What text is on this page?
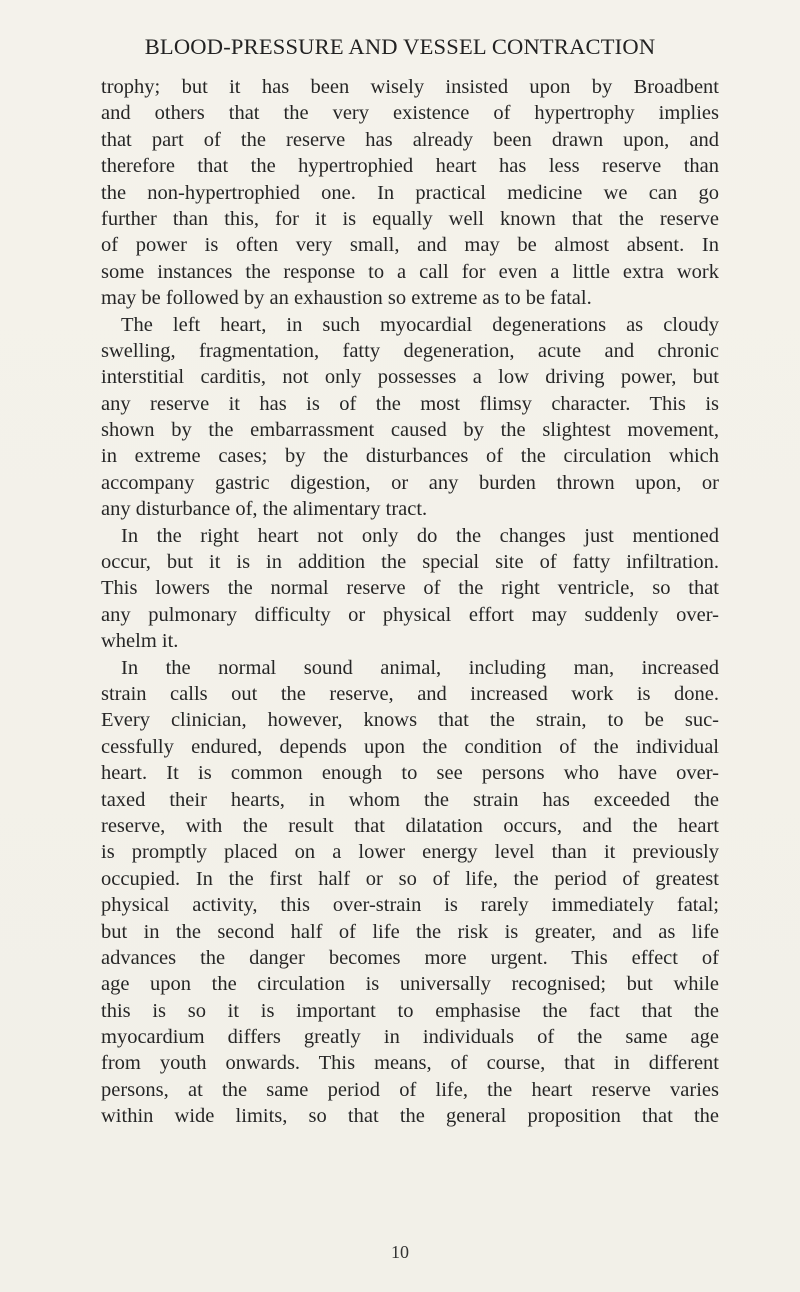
BLOOD-PRESSURE AND VESSEL CONTRACTION
trophy; but it has been wisely insisted upon by Broadbent
and others that the very existence of hypertrophy implies
that part of the reserve has already been drawn upon, and
therefore that the hypertrophied heart has less reserve than
the non-hypertrophied one. In practical medicine we can go
further than this, for it is equally well known that the reserve
of power is often very small, and may be almost absent. In
some instances the response to a call for even a little extra work
may be followed by an exhaustion so extreme as to be fatal.
The left heart, in such myocardial degenerations as cloudy
swelling, fragmentation, fatty degeneration, acute and chronic
interstitial carditis, not only possesses a low driving power, but
any reserve it has is of the most flimsy character. This is
shown by the embarrassment caused by the slightest movement,
in extreme cases; by the disturbances of the circulation which
accompany gastric digestion, or any burden thrown upon, or
any disturbance of, the alimentary tract.
In the right heart not only do the changes just mentioned
occur, but it is in addition the special site of fatty infiltration.
This lowers the normal reserve of the right ventricle, so that
any pulmonary difficulty or physical effort may suddenly over-
whelm it.
In the normal sound animal, including man, increased
strain calls out the reserve, and increased work is done.
Every clinician, however, knows that the strain, to be suc-
cessfully endured, depends upon the condition of the individual
heart. It is common enough to see persons who have over-
taxed their hearts, in whom the strain has exceeded the
reserve, with the result that dilatation occurs, and the heart
is promptly placed on a lower energy level than it previously
occupied. In the first half or so of life, the period of greatest
physical activity, this over-strain is rarely immediately fatal;
but in the second half of life the risk is greater, and as life
advances the danger becomes more urgent. This effect of
age upon the circulation is universally recognised; but while
this is so it is important to emphasise the fact that the
myocardium differs greatly in individuals of the same age
from youth onwards. This means, of course, that in different
persons, at the same period of life, the heart reserve varies
within wide limits, so that the general proposition that the
10
